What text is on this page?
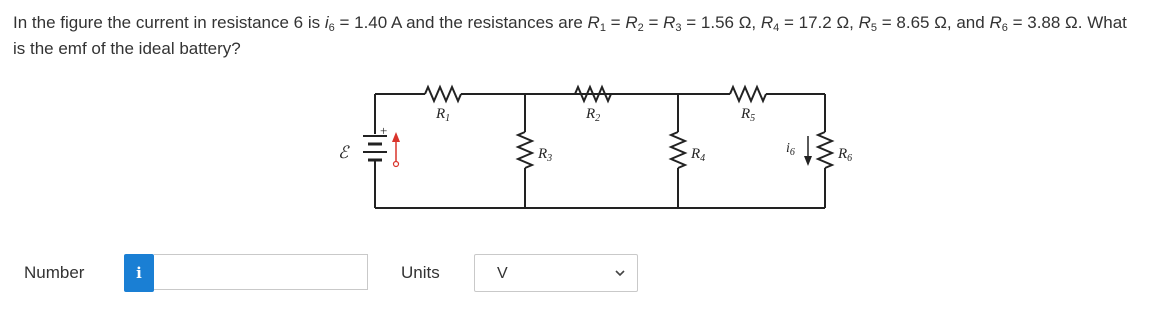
In the figure the current in resistance 6 is $i_6 = 1.40$ A and the resistances are $R_1 = R_2 = R_3 = 1.56$ Ω, $R_4 = 17.2$ Ω, $R_5 = 8.65$ Ω, and $R_6 = 3.88$ Ω. What is the emf of the ideal battery?
ℰ
+
$R_1$	$R_2$	$R_5$
$R_3$	$R_4$	$R_6$
$i_6$
Number	i	Units	V
